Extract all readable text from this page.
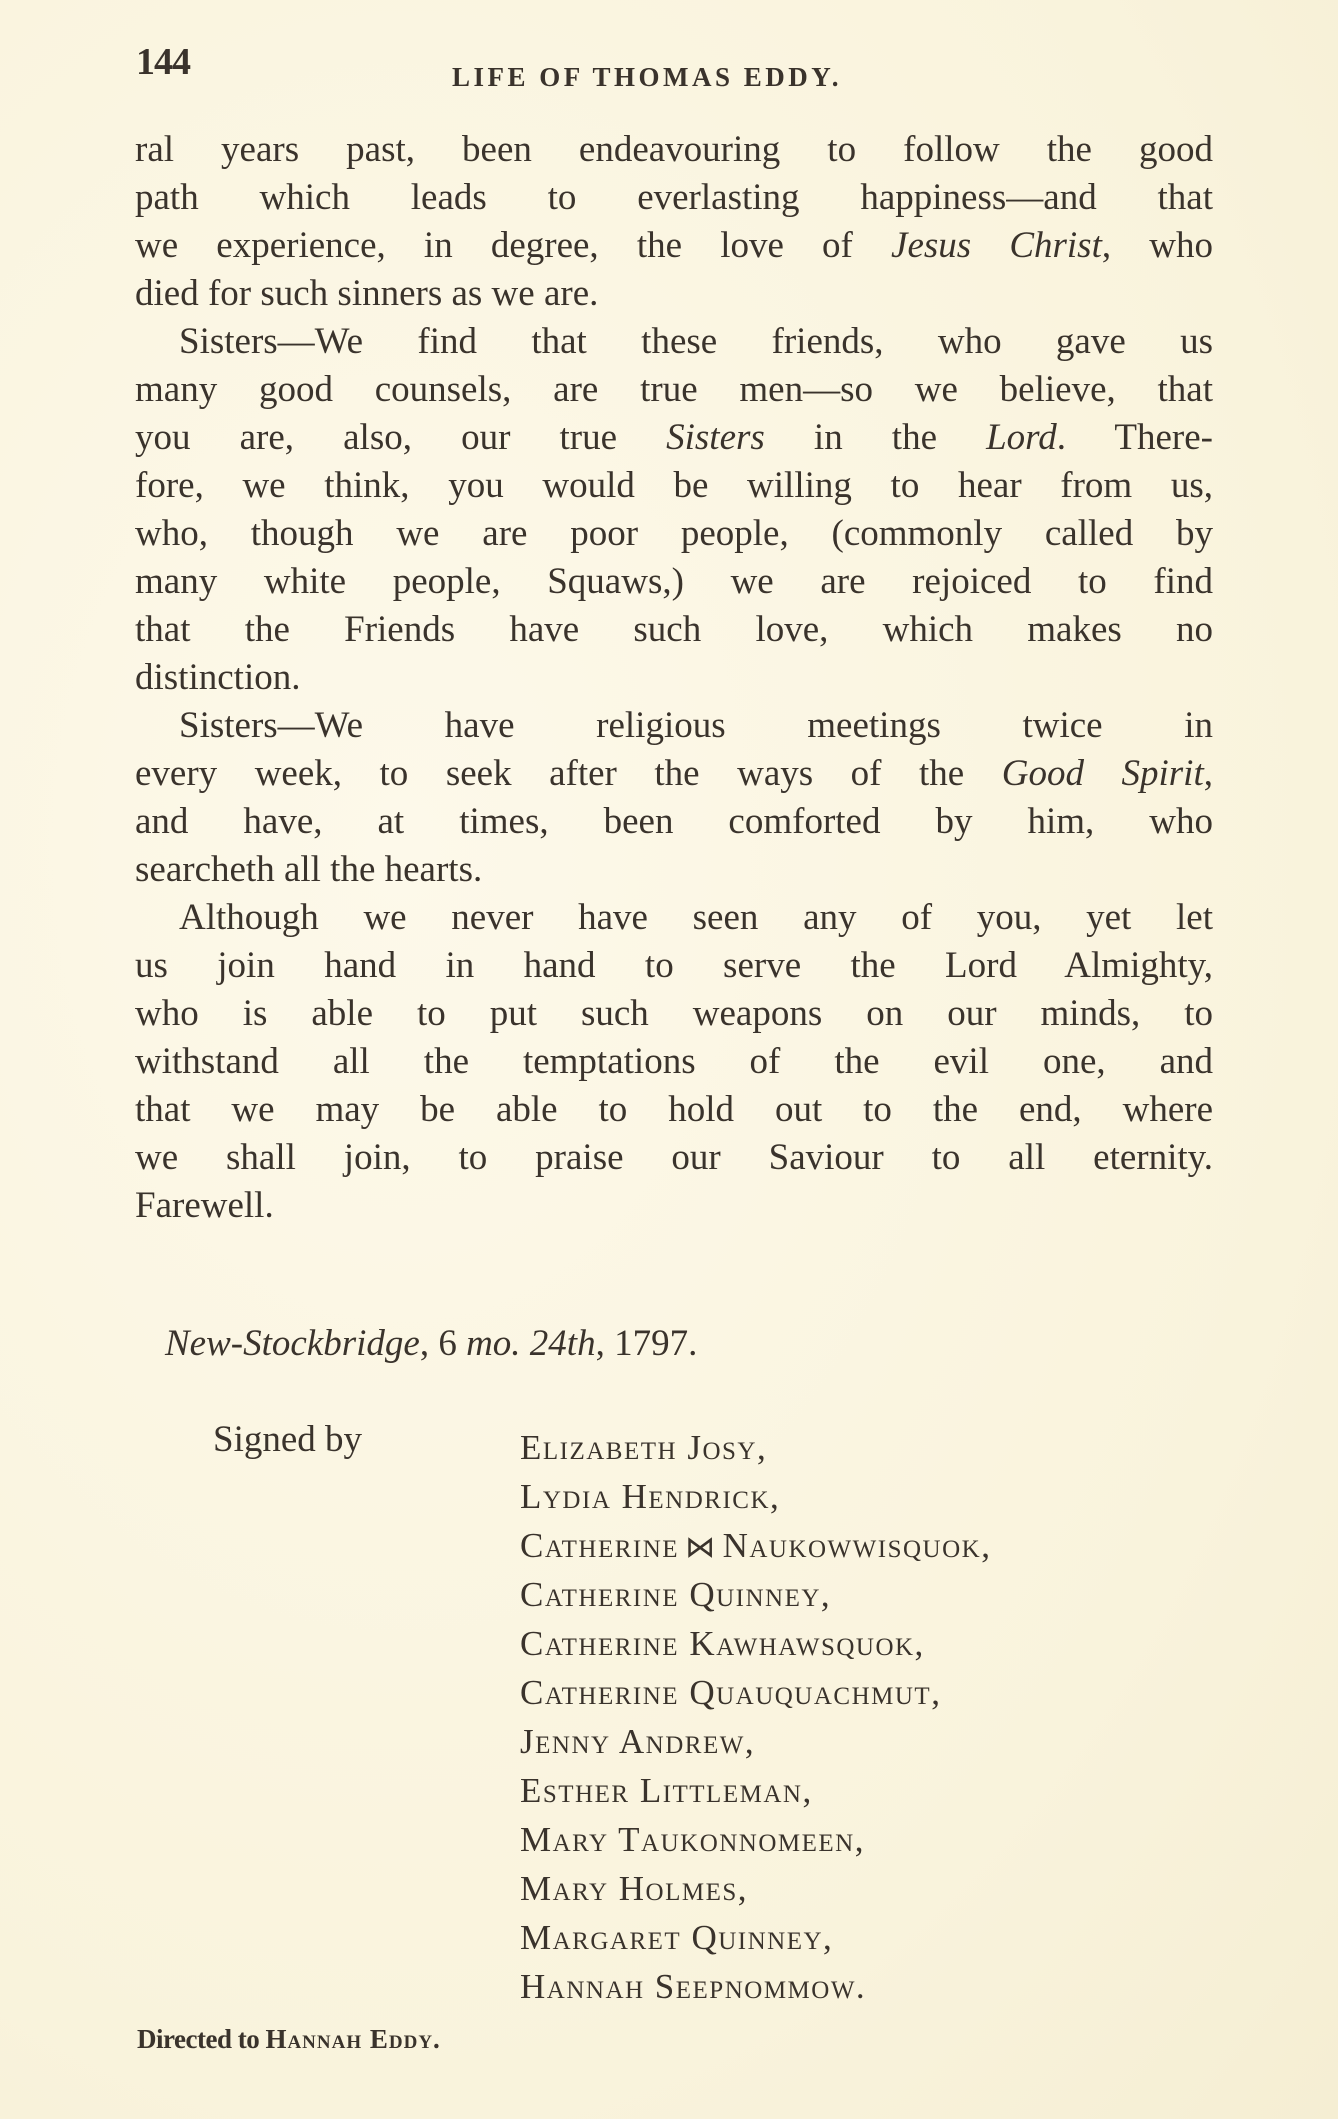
144	LIFE OF THOMAS EDDY.
ral years past, been endeavouring to follow the good
path which leads to everlasting happiness—and that
we experience, in degree, the love of Jesus Christ, who
died for such sinners as we are.
Sisters—We find that these friends, who gave us
many good counsels, are true men—so we believe, that
you are, also, our true Sisters in the Lord. There-
fore, we think, you would be willing to hear from us,
who, though we are poor people, (commonly called by
many white people, Squaws,) we are rejoiced to find
that the Friends have such love, which makes no
distinction.
Sisters—We have religious meetings twice in
every week, to seek after the ways of the Good Spirit,
and have, at times, been comforted by him, who
searcheth all the hearts.
Although we never have seen any of you, yet let
us join hand in hand to serve the Lord Almighty,
who is able to put such weapons on our minds, to
withstand all the temptations of the evil one, and
that we may be able to hold out to the end, where
we shall join, to praise our Saviour to all eternity.
Farewell.
New-Stockbridge, 6 mo. 24th, 1797.
Signed by	Elizabeth Josy,
Lydia Hendrick,
Catherine ⋈ Naukowwisquok,
Catherine Quinney,
Catherine Kawhawsquok,
Catherine Quauquachmut,
Jenny Andrew,
Esther Littleman,
Mary Taukonnomeen,
Mary Holmes,
Margaret Quinney,
Hannah Seepnommow.
Directed to Hannah Eddy.
